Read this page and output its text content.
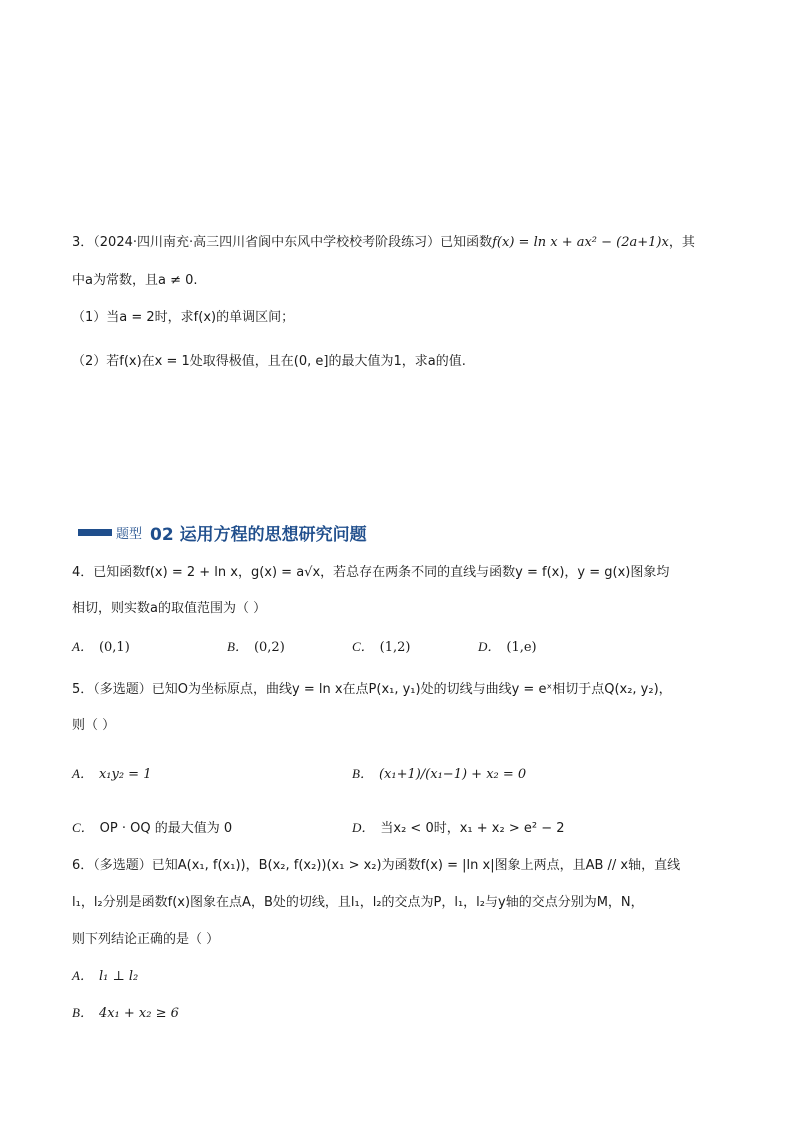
3．（2024·四川南充·高三四川省阆中东风中学校校考阶段练习）已知函数f(x) = ln x + ax² − (2a+1)x，其
中a为常数，且a ≠ 0.
（1）当a = 2时，求f(x)的单调区间；
（2）若f(x)在x = 1处取得极值，且在(0, e]的最大值为1，求a的值.
题型 02 运用方程的思想研究问题
4．已知函数f(x) = 2 + ln x，g(x) = a√x，若总存在两条不同的直线与函数y = f(x)，y = g(x)图象均
相切，则实数a的取值范围为（ ）
A． (0,1)	B． (0,2)	C． (1,2)	D． (1,e)
5．（多选题）已知O为坐标原点，曲线y = ln x在点P(x₁, y₁)处的切线与曲线y = eˣ相切于点Q(x₂, y₂)，
则（ ）
A． x₁y₂ = 1	B． (x₁+1)/(x₁−1) + x₂ = 0
C． OP · OQ 的最大值为 0	D． 当x₂ < 0时，x₁ + x₂ > e² − 2
6．（多选题）已知A(x₁, f(x₁))，B(x₂, f(x₂))(x₁ > x₂)为函数f(x) = |ln x|图象上两点，且AB // x轴，直线
l₁，l₂分别是函数f(x)图象在点A，B处的切线，且l₁，l₂的交点为P，l₁，l₂与y轴的交点分别为M，N，
则下列结论正确的是（ ）
A． l₁ ⊥ l₂
B． 4x₁ + x₂ ≥ 6
